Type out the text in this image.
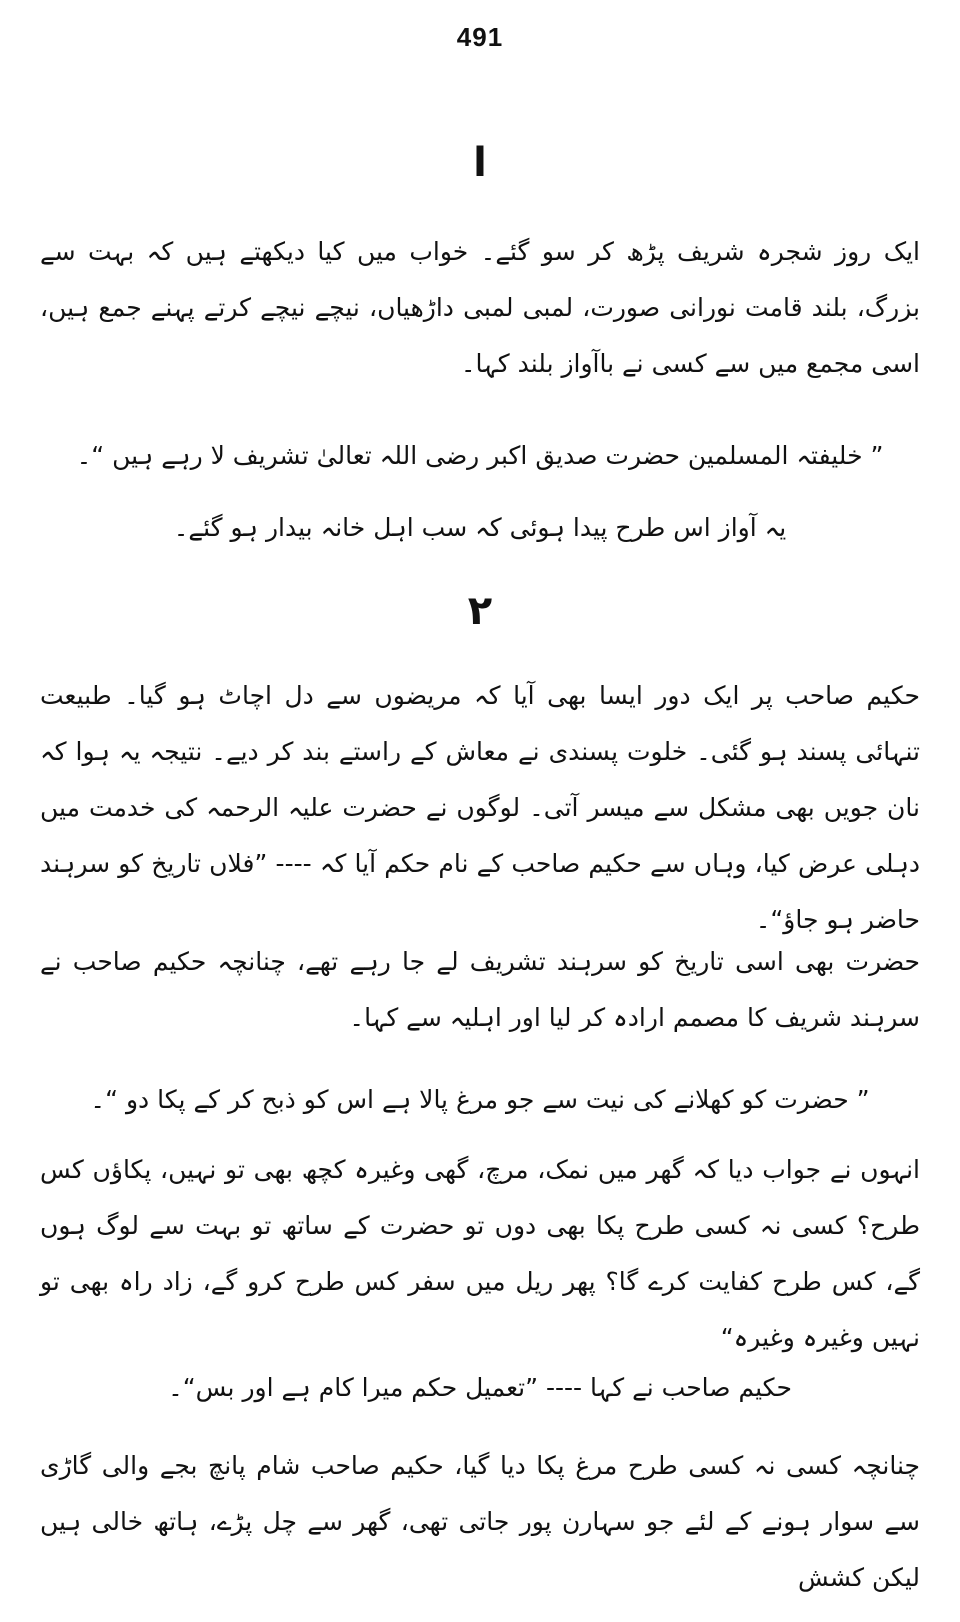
491
ا

ایک روز شجرہ شریف پڑھ کر سو گئے۔ خواب میں کیا دیکھتے ہیں کہ بہت سے بزرگ، بلند قامت نورانی صورت، لمبی لمبی داڑھیاں، نیچے نیچے کرتے پہنے جمع ہیں، اسی مجمع میں سے کسی نے باآواز بلند کہا۔

” خلیفتہ المسلمین حضرت صدیق اکبر رضی اللہ تعالیٰ تشریف لا رہے ہیں “۔

یہ آواز اس طرح پیدا ہوئی کہ سب اہل خانہ بیدار ہو گئے۔

۲

حکیم صاحب پر ایک دور ایسا بھی آیا کہ مریضوں سے دل اچاٹ ہو گیا۔ طبیعت تنہائی پسند ہو گئی۔ خلوت پسندی نے معاش کے راستے بند کر دیے۔ نتیجہ یہ ہوا کہ نان جویں بھی مشکل سے میسر آتی۔ لوگوں نے حضرت علیہ الرحمہ کی خدمت میں دہلی عرض کیا، وہاں سے حکیم صاحب کے نام حکم آیا کہ ---- ”فلاں تاریخ کو سرہند حاضر ہو جاؤ“۔

حضرت بھی اسی تاریخ کو سرہند تشریف لے جا رہے تھے، چنانچہ حکیم صاحب نے سرہند شریف کا مصمم ارادہ کر لیا اور اہلیہ سے کہا۔

” حضرت کو کھلانے کی نیت سے جو مرغ پالا ہے اس کو ذبح کر کے پکا دو “۔

انہوں نے جواب دیا کہ گھر میں نمک، مرچ، گھی وغیرہ کچھ بھی تو نہیں، پکاؤں کس طرح؟ کسی نہ کسی طرح پکا بھی دوں تو حضرت کے ساتھ تو بہت سے لوگ ہوں گے، کس طرح کفایت کرے گا؟ پھر ریل میں سفر کس طرح کرو گے، زاد راہ بھی تو نہیں وغیرہ وغیرہ“

حکیم صاحب نے کہا ---- ”تعمیل حکم میرا کام ہے اور بس“۔

چنانچہ کسی نہ کسی طرح مرغ پکا دیا گیا، حکیم صاحب شام پانچ بجے والی گاڑی سے سوار ہونے کے لئے جو سہارن پور جاتی تھی، گھر سے چل پڑے، ہاتھ خالی ہیں لیکن کشش
